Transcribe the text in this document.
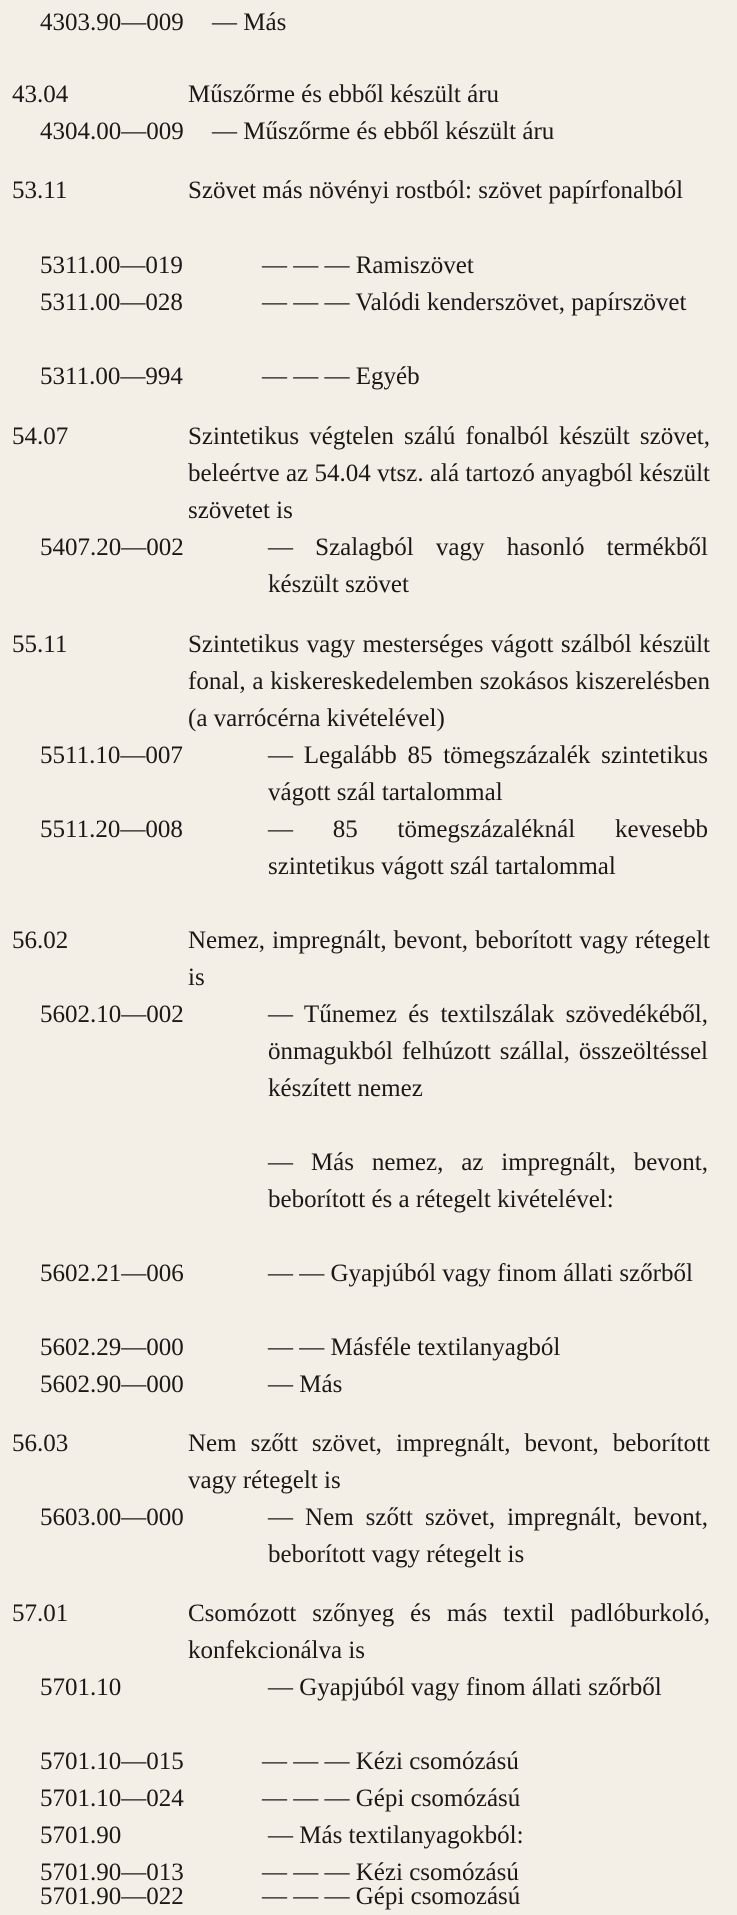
4303.90—009 — Más
43.04	Műszőrme és ebből készült áru
4304.00—009 — Műszőrme és ebből készült áru
53.11	Szövet más növényi rostból: szövet papírfonalból
5311.00—019	— — — Ramiszövet
5311.00—028	— — — Valódi kenderszövet, papírszövet
5311.00—994	— — — Egyéb
54.07	Szintetikus végtelen szálú fonalból készült szövet, beleértve az 54.04 vtsz. alá tartozó anyagból készült szövetet is
5407.20—002	— Szalagból vagy hasonló termékből készült szövet
55.11	Szintetikus vagy mesterséges vágott szálból készült fonal, a kiskereskedelemben szokásos kiszerelésben (a varrócérna kivételével)
5511.10—007	— Legalább 85 tömegszázalék szintetikus vágott szál tartalommal
5511.20—008	— 85 tömegszázaléknál kevesebb szintetikus vágott szál tartalommal
56.02	Nemez, impregnált, bevont, beborított vagy rétegelt is
5602.10—002	— Tűnemez és textilszálak szövedékéből, önmagukból felhúzott szállal, összeöltéssel készített nemez
— Más nemez, az impregnált, bevont, beborított és a rétegelt kivételével:
5602.21—006	— — Gyapjúból vagy finom állati szőrből
5602.29—000	— — Másféle textilanyagból
5602.90—000	— Más
56.03	Nem szőtt szövet, impregnált, bevont, beborított vagy rétegelt is
5603.00—000	— Nem szőtt szövet, impregnált, bevont, beborított vagy rétegelt is
57.01	Csomózott szőnyeg és más textil padlóburkoló, konfekcionálva is
5701.10	— Gyapjúból vagy finom állati szőrből
5701.10—015	— — — Kézi csomózású
5701.10—024	— — — Gépi csomózású
5701.90	— Más textilanyagokból:
5701.90—013	— — — Kézi csomózású
5701.90—022	— — — Gépi csomozású
